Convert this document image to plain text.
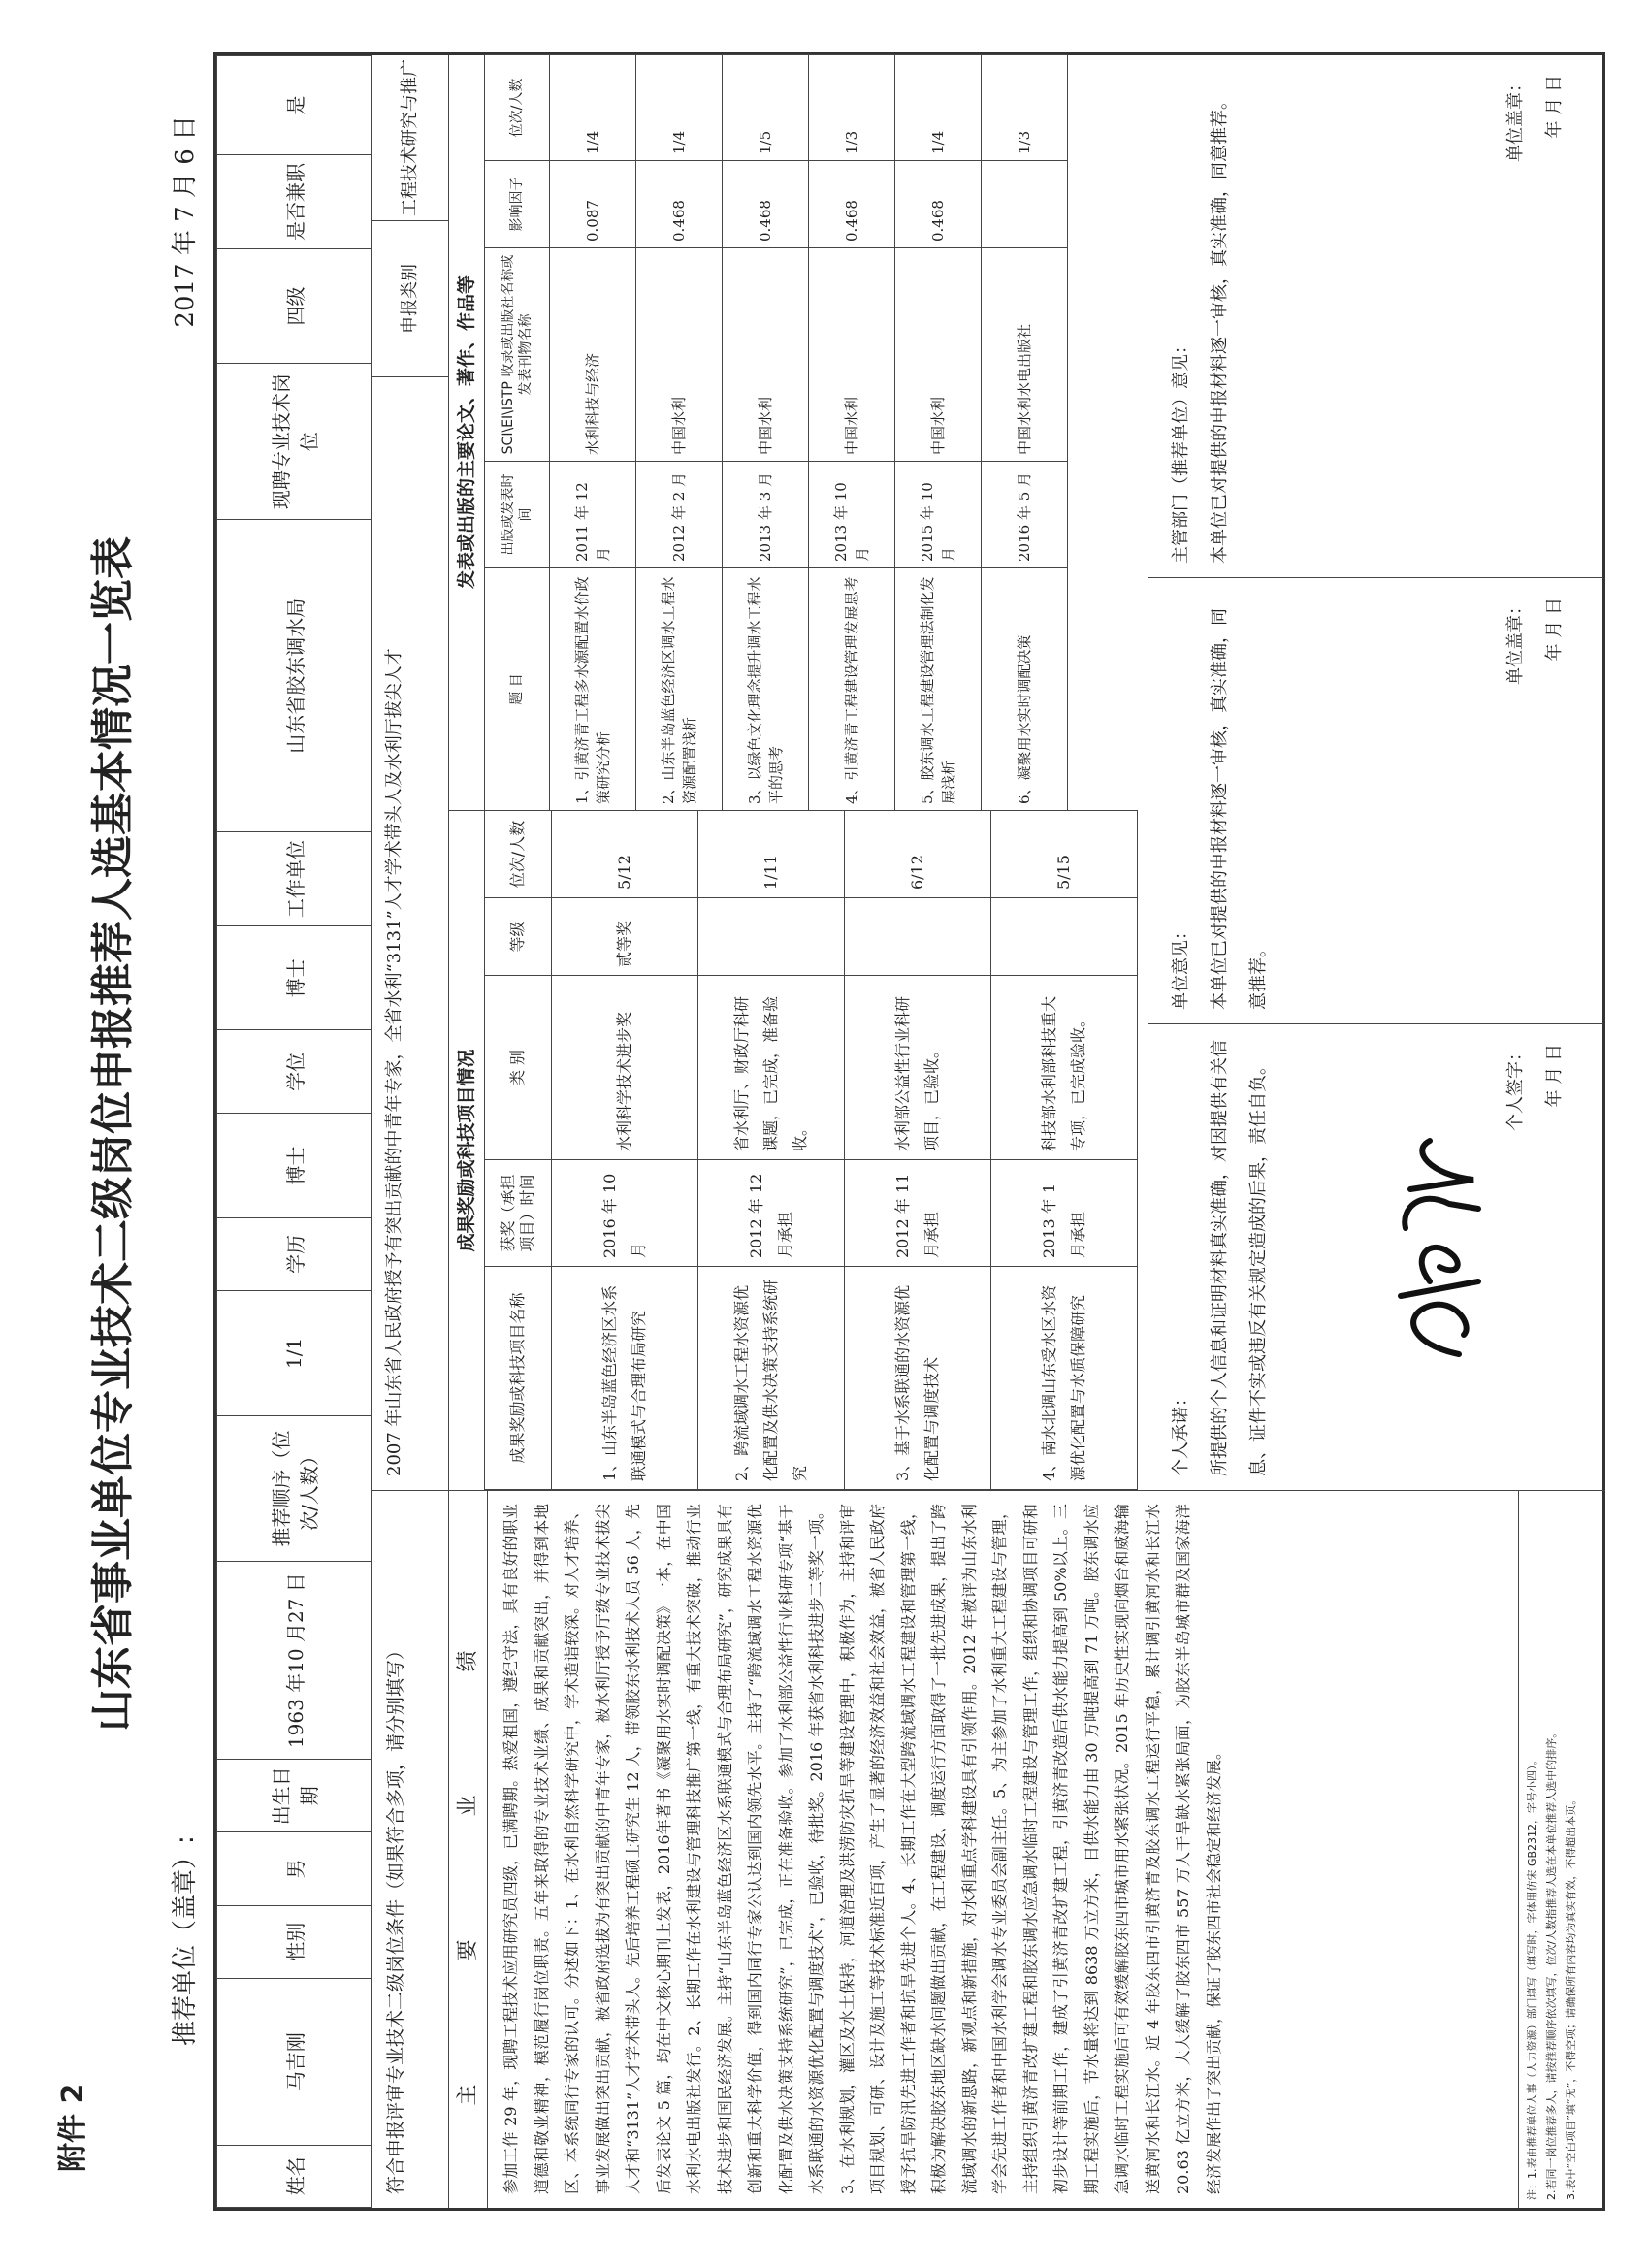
附件 2
山东省事业单位专业技术二级岗位申报推荐人选基本情况一览表
推荐单位（盖章）:
2017 年 7 月 6 日
姓名	马吉刚	性别	男	出生日期	1963 年10 月27 日	推荐顺序（位次/人数）	1/1	学历	博士	学位	博士	工作单位	山东省胶东调水局	现聘专业技术岗位	四级	是否兼职	是
符合申报评审专业技术二级岗位条件（如果符合多项，请分别填写）	主 要 业 绩	参加工作 29 年，现聘工程技术应用研究员四级，已满聘期。热爱祖国，遵纪守法，具有良好的职业道德和敬业精神，模范履行岗位职责。五年来取得的专业技术业绩、成果和贡献突出，并得到本地区、本系统同行专家的认可。分述如下：1、在水利自然科学研究中，学术造诣较深。对人才培养、事业发展做出突出贡献，被省政府选拔为有突出贡献的中青年专家，被水利厅授予厅级专业技术拔尖人才和“3131”人才学术带头人。先后培养工程硕士研究生 12 人，带领胶东水利技术人员 56 人，先后发表论文 5 篇，均在中文核心期刊上发表，2016年著书《凝聚用水实时调配决策》一本，在中国水利水电出版社发行。2、长期工作在水利建设与管理科技推广第一线，有重大技术突破，推动行业技术进步和国民经济发展。主持“山东半岛蓝色经济区水系联通模式与合理布局研究”，研究成果具有创新和重大科学价值，得到国内同行专家公认达到国内领先水平。主持了“跨流域调水工程水资源优化配置及供水决策支持系统研究”，已完成，正在准备验收。参加了水利部公益性行业科研专项“基于水系联通的水资源优化配置与调度技术”，已验收，待批奖。2016 年获省水利科技进步二等奖一项。3、在水利规划，灌区及水土保持，河道治理及洪涝防灾抗旱等建设管理中，积极作为，主持和评审项目规划、可研、设计及施工等技术标准近百项，产生了显著的经济效益和社会效益，被省人民政府授予抗旱防汛先进工作者和抗旱先进个人。4、长期工作在大型跨流域调水工程建设和管理第一线，积极为解决胶东地区缺水问题做出贡献，在工程建设、调度运行方面取得了一批先进成果，提出了跨流域调水的新思路，新观点和新措施，对水利重点学科建设具有引领作用。2012 年被评为山东水利学会先进工作者和中国水利学会调水专业委员会副主任。5、为主参加了水利重大工程建设与管理，主持组织引黄济青改扩建工程和胶东调水应急调水临时工程建设与管理工作，组织和协调项目可研和初步设计等前期工作，建成了引黄济青改扩建工程，引黄济青改造后供水能力提高到 50%以上。三期工程实施后，节水量将达到 8638 万立方米，日供水能力由 30 万吨提高到 71 万吨。胶东调水应急调水临时工程实施后可有效缓解胶东四市城市用水紧张状况。2015 年历史性实现向烟台和威海输送黄河水和长江水。近 4 年胶东四市引黄济青及胶东调水工程运行平稳，累计调引黄河水和长江水 20.63 亿立方米，大大缓解了胶东四市 557 万人干旱缺水紧张局面，为胶东半岛城市群及国家海洋经济发展作出了突出贡献，保证了胶东四市社会稳定和经济发展。	注：1.表由推荐单位人事（人力资源）部门填写（填写时，字体用仿宋 GB2312，字号小四）。 2.若同一岗位推荐多人，请按推荐顺序依次填写，位次/人数指推荐人选在本单位推荐人选中的排序。 3.表中“空白项目”填“无”，不得空项；请确保所有内容均为真实有效，不得超出本页。
2007 年山东省人民政府授予有突出贡献的中青年专家，全省水利“3131”人才学术带头人及水利厅拔尖人才
申报类别
工程技术研究与推广
成果奖励或科技项目情况
发表或出版的主要论文、著作、作品等
成果奖励或科技项目名称	获奖（承担项目）时间	类 别	等级	位次/人数
1、山东半岛蓝色经济区水系联通模式与合理布局研究	2016 年 10 月	水利科学技术进步奖	贰等奖	5/12
2、跨流域调水工程水资源优化配置及供水决策支持系统研究	2012 年 12 月承担	省水利厅、财政厅科研课题，已完成，准备验收。		1/11
3、基于水系联通的水资源优化配置与调度技术	2012 年 11 月承担	水利部公益性行业科研项目，已验收。		6/12
4、南水北调山东受水区水资源优化配置与水质保障研究	2013 年 1 月承担	科技部水利部科技重大专项，已完成验收。		5/15
题 目	出版或发表时间	SCI\EI\ISTP 收录或出版社名称或发表刊物名称	影响因子	位次/人数
1、引黄济青工程多水源配置水价政策研究分析	2011 年 12 月	水利科技与经济	0.087	1/4
2、山东半岛蓝色经济区调水工程水资源配置浅析	2012 年 2 月	中国水利	0.468	1/4
3、以绿色文化理念提升调水工程水平的思考	2013 年 3 月	中国水利	0.468	1/5
4、引黄济青工程建设管理发展思考	2013 年 10 月	中国水利	0.468	1/3
5、胶东调水工程建设管理法制化发展浅析	2015 年 10 月	中国水利	0.468	1/4
6、凝聚用水实时调配决策	2016 年 5 月	中国水利水电出版社		1/3
个人承诺：	所提供的个人信息和证明材料真实准确，对因提供有关信息、证件不实或违反有关规定造成的后果，责任自负。	个人签字：	年 月 日
单位意见：	本单位已对提供的申报材料逐一审核，真实准确，同意推荐。
单位盖章：	年 月 日
主管部门（推荐单位）意见：	本单位已对提供的申报材料逐一审核，真实准确，同意推荐。	单位盖章：	年 月 日
